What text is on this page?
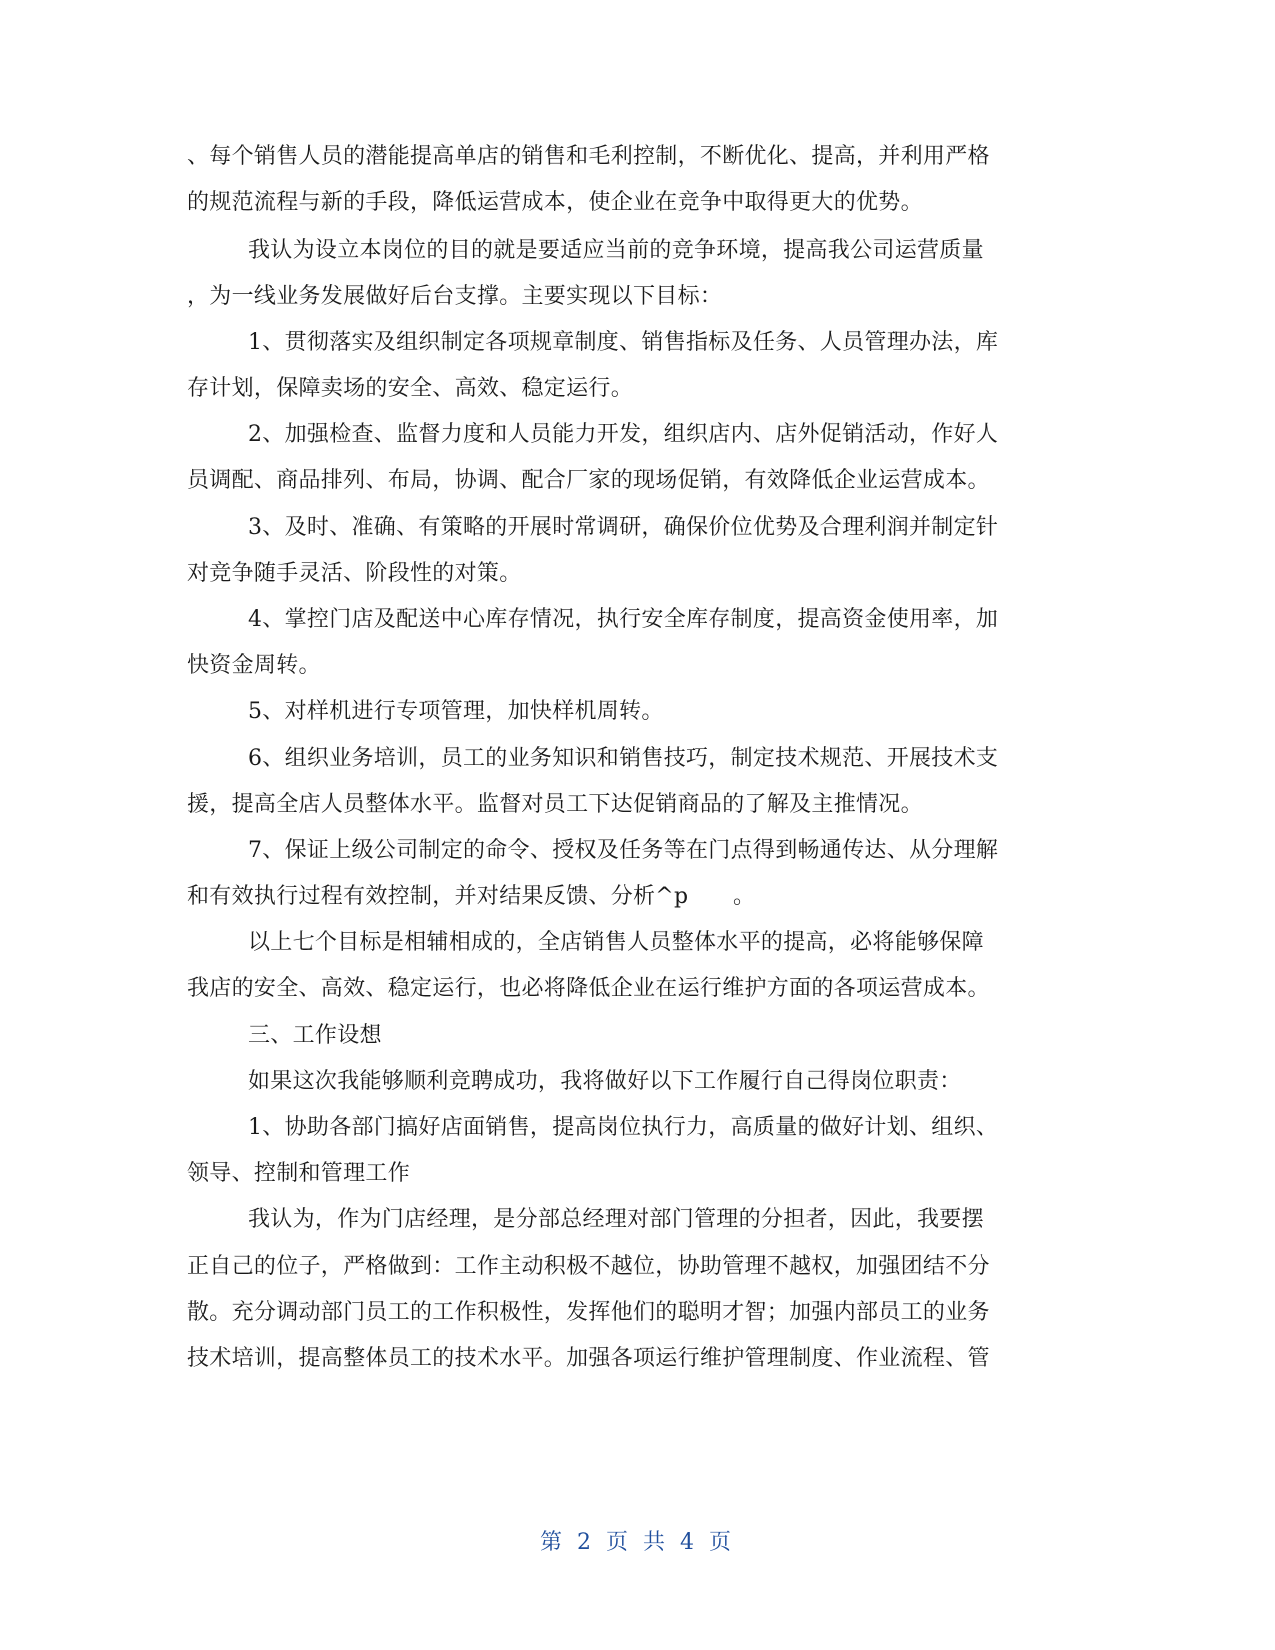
、每个销售人员的潜能提高单店的销售和毛利控制，不断优化、提高，并利用严格
的规范流程与新的手段，降低运营成本，使企业在竞争中取得更大的优势。
我认为设立本岗位的目的就是要适应当前的竞争环境，提高我公司运营质量
，为一线业务发展做好后台支撑。主要实现以下目标：
1、贯彻落实及组织制定各项规章制度、销售指标及任务、人员管理办法，库
存计划，保障卖场的安全、高效、稳定运行。
2、加强检查、监督力度和人员能力开发，组织店内、店外促销活动，作好人
员调配、商品排列、布局，协调、配合厂家的现场促销，有效降低企业运营成本。
3、及时、准确、有策略的开展时常调研，确保价位优势及合理利润并制定针
对竞争随手灵活、阶段性的对策。
4、掌控门店及配送中心库存情况，执行安全库存制度，提高资金使用率，加
快资金周转。
5、对样机进行专项管理，加快样机周转。
6、组织业务培训，员工的业务知识和销售技巧，制定技术规范、开展技术支
援，提高全店人员整体水平。监督对员工下达促销商品的了解及主推情况。
7、保证上级公司制定的命令、授权及任务等在门点得到畅通传达、从分理解
和有效执行过程有效控制，并对结果反馈、分析^p　　。
以上七个目标是相辅相成的，全店销售人员整体水平的提高，必将能够保障
我店的安全、高效、稳定运行，也必将降低企业在运行维护方面的各项运营成本。
三、工作设想
如果这次我能够顺利竞聘成功，我将做好以下工作履行自己得岗位职责：
1、协助各部门搞好店面销售，提高岗位执行力，高质量的做好计划、组织、
领导、控制和管理工作
我认为，作为门店经理，是分部总经理对部门管理的分担者，因此，我要摆
正自己的位子，严格做到：工作主动积极不越位，协助管理不越权，加强团结不分
散。充分调动部门员工的工作积极性，发挥他们的聪明才智；加强内部员工的业务
技术培训，提高整体员工的技术水平。加强各项运行维护管理制度、作业流程、管
第 2 页 共 4 页
